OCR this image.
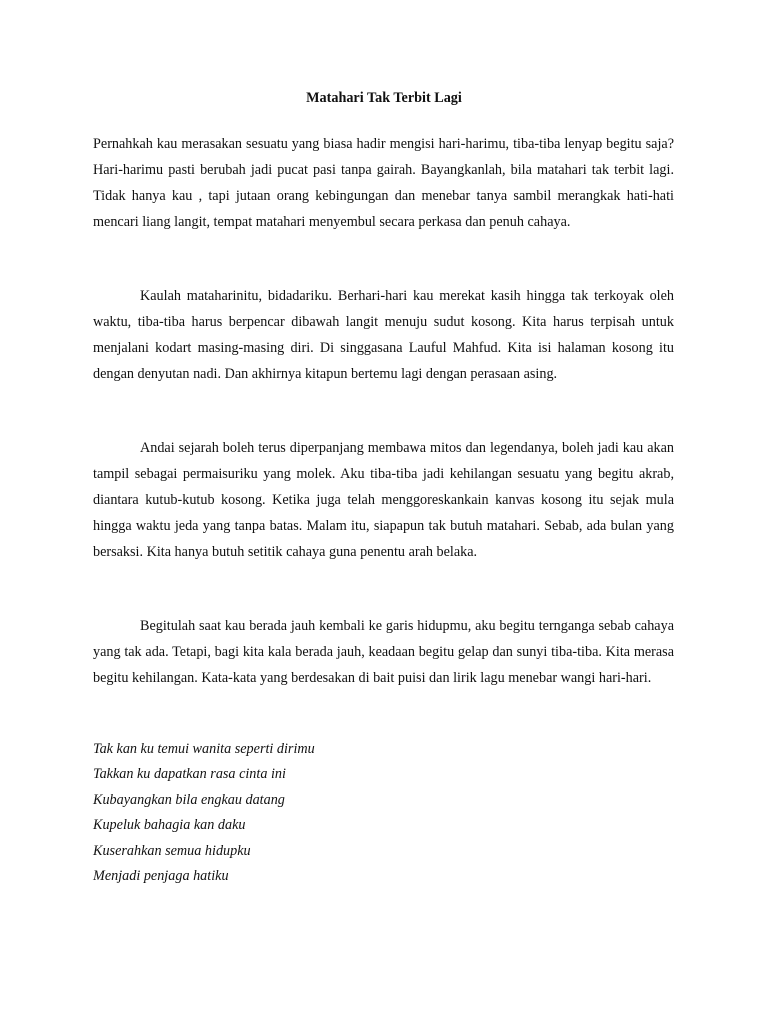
Matahari Tak Terbit Lagi

Pernahkah kau merasakan sesuatu yang biasa hadir mengisi hari-harimu, tiba-tiba lenyap begitu saja? Hari-harimu pasti berubah jadi pucat pasi tanpa gairah. Bayangkanlah, bila matahari tak terbit lagi. Tidak hanya kau , tapi jutaan orang kebingungan dan menebar tanya sambil merangkak hati-hati mencari liang langit, tempat matahari menyembul secara perkasa dan penuh cahaya.

Kaulah mataharinitu, bidadariku. Berhari-hari kau merekat kasih hingga tak terkoyak oleh waktu, tiba-tiba harus berpencar dibawah langit menuju sudut kosong. Kita harus terpisah untuk menjalani kodart masing-masing diri. Di singgasana Lauful Mahfud. Kita isi halaman kosong itu dengan denyutan nadi. Dan akhirnya kitapun bertemu lagi dengan perasaan asing.

Andai sejarah boleh terus diperpanjang membawa mitos dan legendanya, boleh jadi kau akan tampil sebagai permaisuriku yang molek. Aku tiba-tiba jadi kehilangan sesuatu yang begitu akrab, diantara kutub-kutub kosong. Ketika juga telah menggoreskankain kanvas kosong itu sejak mula hingga waktu jeda yang tanpa batas. Malam itu, siapapun tak butuh matahari. Sebab, ada bulan yang bersaksi. Kita hanya butuh setitik cahaya guna penentu arah belaka.

Begitulah saat kau berada jauh kembali ke garis hidupmu, aku begitu ternganga sebab cahaya yang tak ada. Tetapi, bagi kita kala berada jauh, keadaan begitu gelap dan sunyi tiba-tiba. Kita merasa begitu kehilangan. Kata-kata yang berdesakan di bait puisi dan lirik lagu menebar wangi hari-hari.

Tak kan ku temui wanita seperti dirimu
Takkan ku dapatkan rasa cinta ini
Kubayangkan bila engkau datang
Kupeluk bahagia kan daku
Kuserahkan semua hidupku
Menjadi penjaga hatiku
